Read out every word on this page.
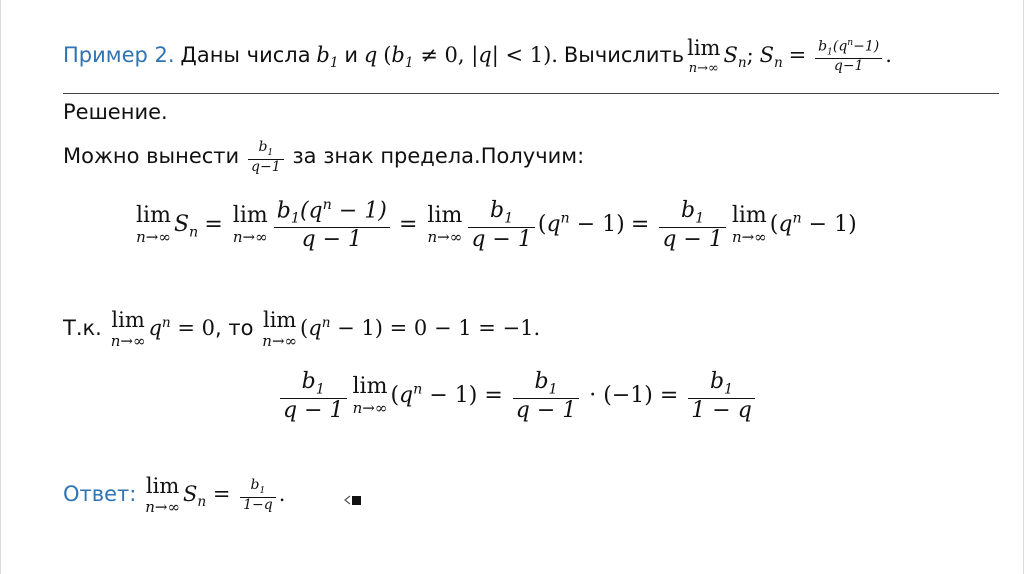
Пример 2. Даны числа $b_1$ и q ($b_1 \ne 0$, |q| < 1). Вычислить lim
n→∞
$S_n$; $S_n = \frac{b_1(q^n-1)}{q-1}$ .
Решение.
Можно вынести $\frac{b_1}{q-1}$ за знак предела.Получим:
lim
n→∞
$S_n = \lim$
$n\to\infty \frac{b_1(q^n - 1)}{q - 1} = \lim$
$n\to\infty \frac{b_1}{q - 1} (q^n - 1) = \frac{b_1}{q - 1}$ lim
n→∞
$(q^n - 1)$
Т.к. lim
n→∞
$q^n = 0$, то lim
n→∞
$(q^n - 1) = 0 - 1 = -1$.
$\frac{b_1}{q - 1}$ lim
n→∞
$(q^n - 1) = \frac{b_1}{q - 1} \cdot (-1) = \frac{b_1}{1 - q}$
Ответ: lim
n→∞
$S_n = \frac{b_1}{1-q}$ .
